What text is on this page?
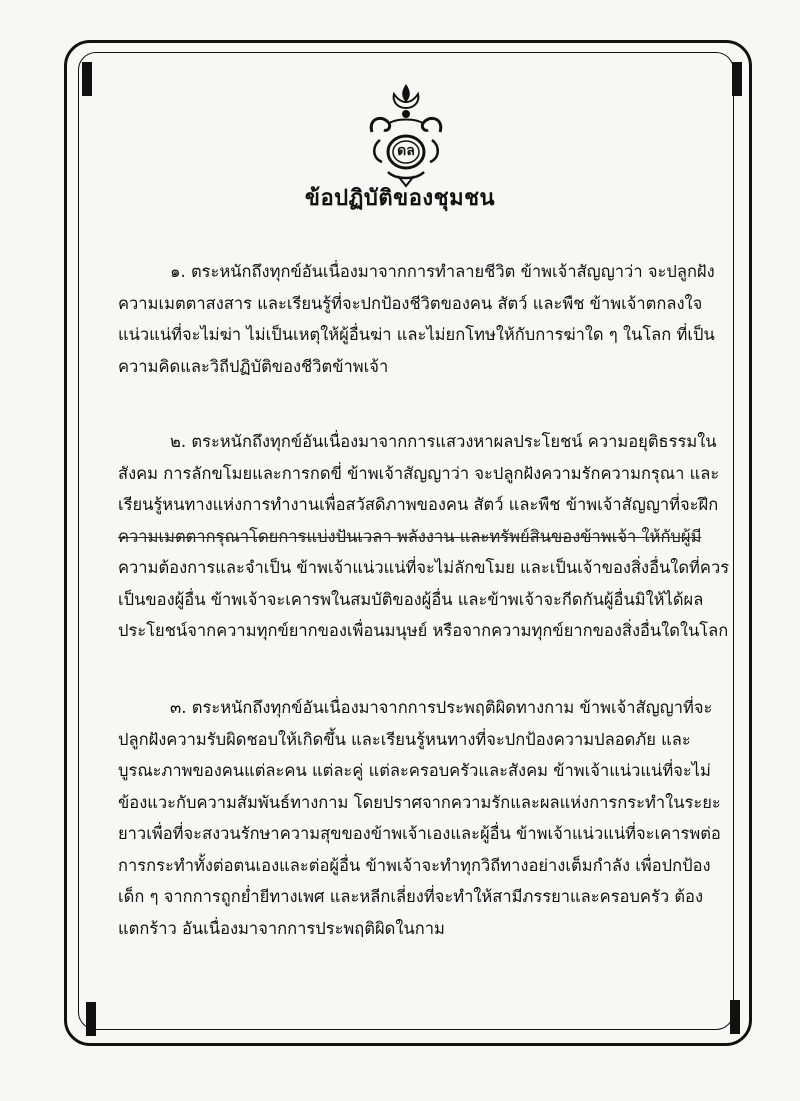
ดล
ข้อปฏิบัติของชุมชน
๑. ตระหนักถึงทุกข์อันเนื่องมาจากการทำลายชีวิต ข้าพเจ้าสัญญาว่า จะปลูกฝัง
ความเมตตาสงสาร และเรียนรู้ที่จะปกป้องชีวิตของคน สัตว์ และพืช ข้าพเจ้าตกลงใจ
แน่วแน่ที่จะไม่ฆ่า ไม่เป็นเหตุให้ผู้อื่นฆ่า และไม่ยกโทษให้กับการฆ่าใด ๆ ในโลก ที่เป็น
ความคิดและวิถีปฏิบัติของชีวิตข้าพเจ้า
๒. ตระหนักถึงทุกข์อันเนื่องมาจากการแสวงหาผลประโยชน์ ความอยุติธรรมใน
สังคม การลักขโมยและการกดขี่ ข้าพเจ้าสัญญาว่า จะปลูกฝังความรักความกรุณา และ
เรียนรู้หนทางแห่งการทำงานเพื่อสวัสดิภาพของคน สัตว์ และพืช ข้าพเจ้าสัญญาที่จะฝึก
ความเมตตากรุณาโดยการแบ่งปันเวลา พลังงาน และทรัพย์สินของข้าพเจ้า ให้กับผู้มี
ความต้องการและจำเป็น ข้าพเจ้าแน่วแน่ที่จะไม่ลักขโมย และเป็นเจ้าของสิ่งอื่นใดที่ควร
เป็นของผู้อื่น ข้าพเจ้าจะเคารพในสมบัติของผู้อื่น และข้าพเจ้าจะกีดกันผู้อื่นมิให้ได้ผล
ประโยชน์จากความทุกข์ยากของเพื่อนมนุษย์ หรือจากความทุกข์ยากของสิ่งอื่นใดในโลก
๓. ตระหนักถึงทุกข์อันเนื่องมาจากการประพฤติผิดทางกาม ข้าพเจ้าสัญญาที่จะ
ปลูกฝังความรับผิดชอบให้เกิดขึ้น และเรียนรู้หนทางที่จะปกป้องความปลอดภัย และ
บูรณะภาพของคนแต่ละคน แต่ละคู่ แต่ละครอบครัวและสังคม ข้าพเจ้าแน่วแน่ที่จะไม่
ข้องแวะกับความสัมพันธ์ทางกาม โดยปราศจากความรักและผลแห่งการกระทำในระยะ
ยาวเพื่อที่จะสงวนรักษาความสุขของข้าพเจ้าเองและผู้อื่น ข้าพเจ้าแน่วแน่ที่จะเคารพต่อ
การกระทำทั้งต่อตนเองและต่อผู้อื่น ข้าพเจ้าจะทำทุกวิถีทางอย่างเต็มกำลัง เพื่อปกป้อง
เด็ก ๆ จากการถูกย่ำยีทางเพศ และหลีกเลี่ยงที่จะทำให้สามีภรรยาและครอบครัว ต้อง
แตกร้าว อันเนื่องมาจากการประพฤติผิดในกาม
